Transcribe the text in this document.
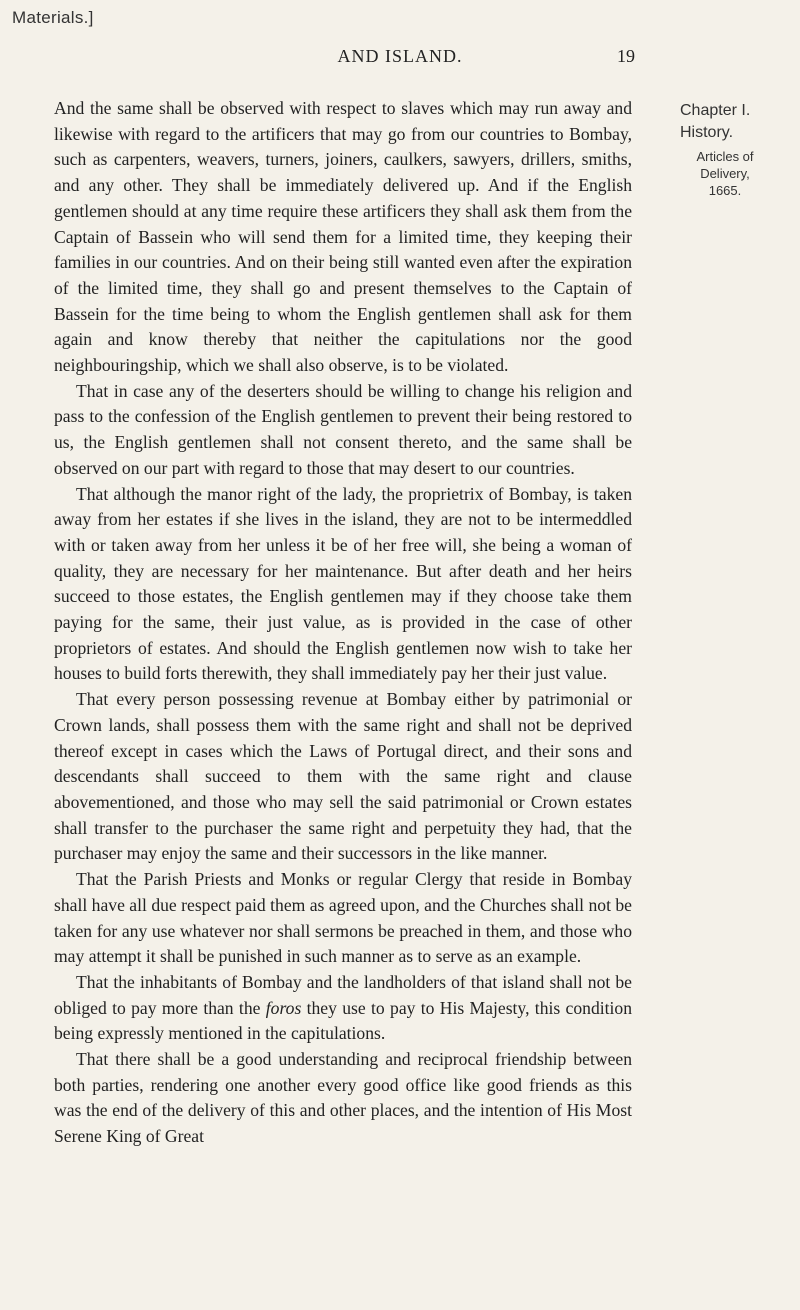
Materials.]
AND ISLAND.	19

And the same shall be observed with respect to slaves which may run away and likewise with regard to the artificers that may go from our countries to Bombay, such as carpenters, weavers, turners, joiners, caulkers, sawyers, drillers, smiths, and any other. They shall be immediately delivered up. And if the English gentlemen should at any time require these artificers they shall ask them from the Captain of Bassein who will send them for a limited time, they keeping their families in our countries. And on their being still wanted even after the expiration of the limited time, they shall go and present themselves to the Captain of Bassein for the time being to whom the English gentlemen shall ask for them again and know thereby that neither the capitulations nor the good neighbouringship, which we shall also observe, is to be violated.

That in case any of the deserters should be willing to change his religion and pass to the confession of the English gentlemen to prevent their being restored to us, the English gentlemen shall not consent thereto, and the same shall be observed on our part with regard to those that may desert to our countries.

That although the manor right of the lady, the proprietrix of Bombay, is taken away from her estates if she lives in the island, they are not to be intermeddled with or taken away from her unless it be of her free will, she being a woman of quality, they are necessary for her maintenance. But after death and her heirs succeed to those estates, the English gentlemen may if they choose take them paying for the same, their just value, as is provided in the case of other proprietors of estates. And should the English gentlemen now wish to take her houses to build forts therewith, they shall immediately pay her their just value.

That every person possessing revenue at Bombay either by patrimonial or Crown lands, shall possess them with the same right and shall not be deprived thereof except in cases which the Laws of Portugal direct, and their sons and descendants shall succeed to them with the same right and clause abovementioned, and those who may sell the said patrimonial or Crown estates shall transfer to the purchaser the same right and perpetuity they had, that the purchaser may enjoy the same and their successors in the like manner.

That the Parish Priests and Monks or regular Clergy that reside in Bombay shall have all due respect paid them as agreed upon, and the Churches shall not be taken for any use whatever nor shall sermons be preached in them, and those who may attempt it shall be punished in such manner as to serve as an example.

That the inhabitants of Bombay and the landholders of that island shall not be obliged to pay more than the foros they use to pay to His Majesty, this condition being expressly mentioned in the capitulations.

That there shall be a good understanding and reciprocal friendship between both parties, rendering one another every good office like good friends as this was the end of the delivery of this and other places, and the intention of His Most Serene King of Great

Chapter I.
History.
Articles of Delivery,
1665.
